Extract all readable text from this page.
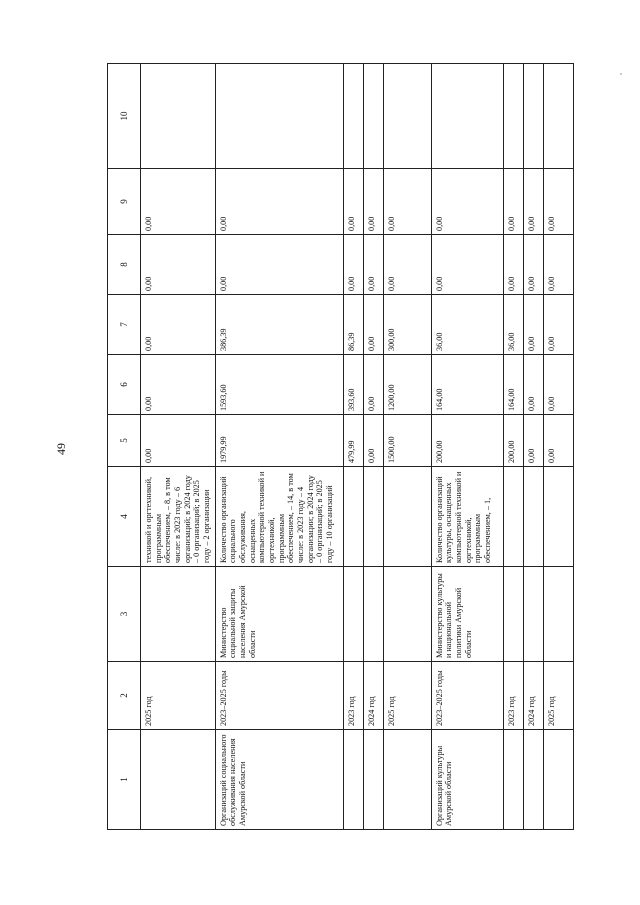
49
1	2	3	4	5	6	7	8	9	10
	2025 год		техникой и оргтехникой, программным обеспечением, – 8, в том числе: в 2023 году – 6 организаций; в 2024 году – 0 организаций; в 2025 году – 2 организации	0,00	0,00	0,00	0,00	0,00	
Организаций социального обслуживания населения Амурской области	2023–2025 годы	Министерство социальной защиты населения Амурской области	Количество организаций социального обслуживания, оснащенных компьютерной техникой и оргтехникой, программным обеспечением, – 14, в том числе: в 2023 году – 4 организации; в 2024 году – 0 организаций; в 2025 году – 10 организаций	1979,99	1593,60	386,39	0,00	0,00	
	2023 год			479,99	393,60	86,39	0,00	0,00	
	2024 год			0,00	0,00	0,00	0,00	0,00	
	2025 год			1500,00	1200,00	300,00	0,00	0,00	
Организаций культуры Амурской области	2023–2025 годы	Министерство культуры и национальной политики Амурской области	Количество организаций культуры, оснащенных компьютерной техникой и оргтехникой, программным обеспечением, – 1,	200,00	164,00	36,00	0,00	0,00	
	2023 год			200,00	164,00	36,00	0,00	0,00	
	2024 год			0,00	0,00	0,00	0,00	0,00	
	2025 год			0,00	0,00	0,00	0,00	0,00	
